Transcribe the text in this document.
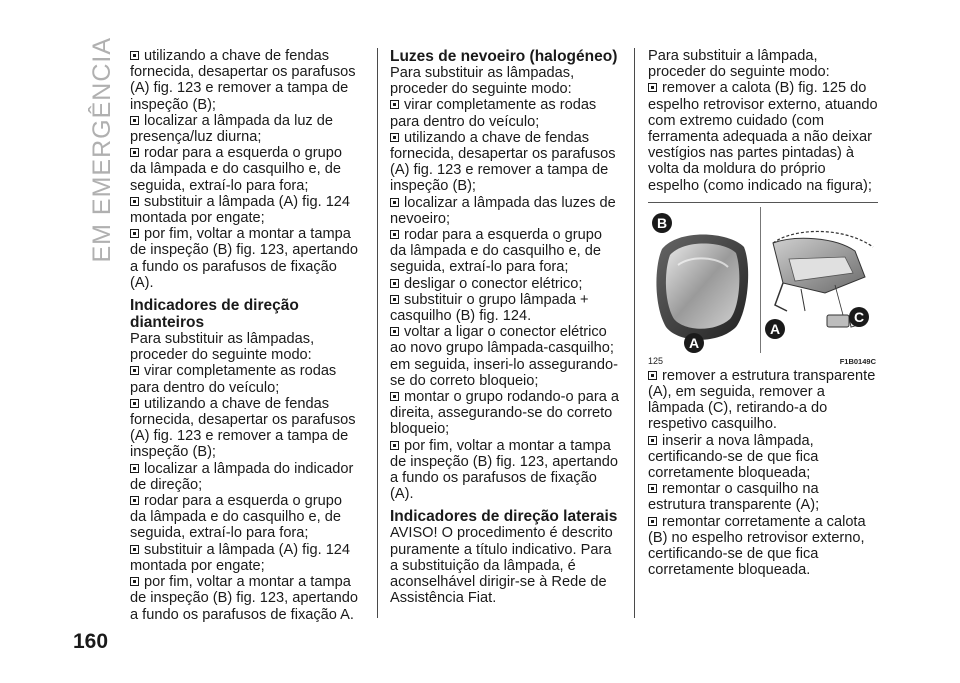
EM EMERGÊNCIA	utilizando a chave de fendas fornecida, desapertar os parafusos (A) fig. 123 e remover a tampa de inspeção (B);

localizar a lâmpada da luz de presença/luz diurna;

rodar para a esquerda o grupo da lâmpada e do casquilho e, de seguida, extraí-lo para fora;

substituir a lâmpada (A) fig. 124 montada por engate;

por fim, voltar a montar a tampa de inspeção (B) fig. 123, apertando a fundo os parafusos de fixação (A).

Indicadores de direção dianteiros

Para substituir as lâmpadas, proceder do seguinte modo:

virar completamente as rodas para dentro do veículo;

utilizando a chave de fendas fornecida, desapertar os parafusos (A) fig. 123 e remover a tampa de inspeção (B);

localizar a lâmpada do indicador de direção;

rodar para a esquerda o grupo da lâmpada e do casquilho e, de seguida, extraí-lo para fora;

substituir a lâmpada (A) fig. 124 montada por engate;

por fim, voltar a montar a tampa de inspeção (B) fig. 123, apertando a fundo os parafusos de fixação A.

Luzes de nevoeiro (halogéneo)

Para substituir as lâmpadas, proceder do seguinte modo:

virar completamente as rodas para dentro do veículo;

utilizando a chave de fendas fornecida, desapertar os parafusos (A) fig. 123 e remover a tampa de inspeção (B);

localizar a lâmpada das luzes de nevoeiro;

rodar para a esquerda o grupo da lâmpada e do casquilho e, de seguida, extraí-lo para fora;

desligar o conector elétrico;

substituir o grupo lâmpada + casquilho (B) fig. 124.

voltar a ligar o conector elétrico ao novo grupo lâmpada-casquilho; em seguida, inseri-lo assegurando-se do correto bloqueio;

montar o grupo rodando-o para a direita, assegurando-se do correto bloqueio;

por fim, voltar a montar a tampa de inspeção (B) fig. 123, apertando a fundo os parafusos de fixação (A).

Indicadores de direção laterais

AVISO! O procedimento é descrito puramente a título indicativo. Para a substituição da lâmpada, é aconselhável dirigir-se à Rede de Assistência Fiat.

Para substituir a lâmpada, proceder do seguinte modo:

remover a calota (B) fig. 125 do espelho retrovisor externo, atuando com extremo cuidado (com ferramenta adequada a não deixar vestígios nas partes pintadas) à volta da moldura do próprio espelho (como indicado na figura);

B
A
C
A
125	F1B0149C

remover a estrutura transparente (A), em seguida, remover a lâmpada (C), retirando-a do respetivo casquilho.

inserir a nova lâmpada, certificando-se de que fica corretamente bloqueada;

remontar o casquilho na estrutura transparente (A);

remontar corretamente a calota (B) no espelho retrovisor externo, certificando-se de que fica corretamente bloqueada.

160
